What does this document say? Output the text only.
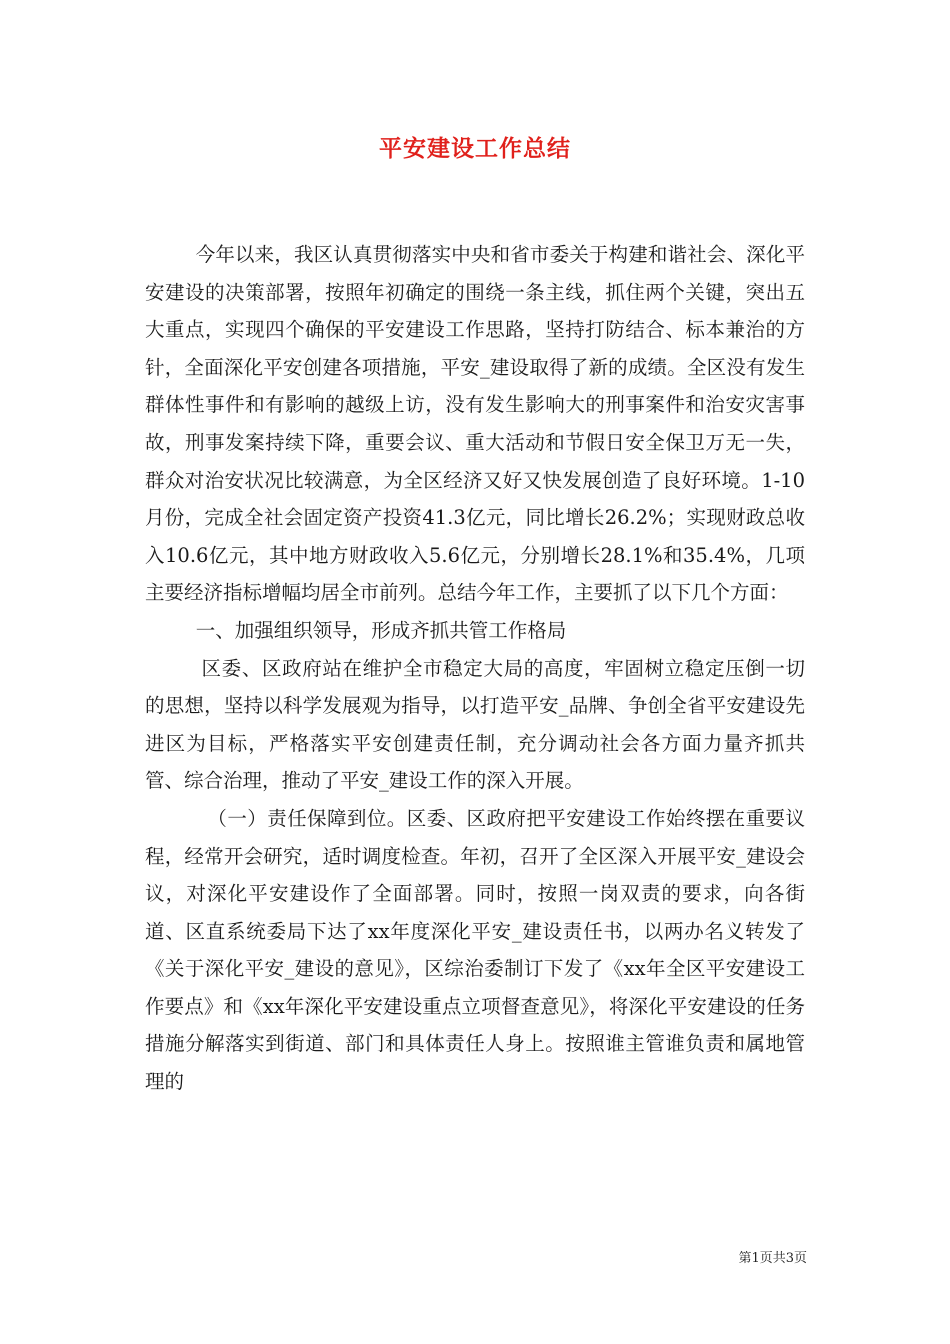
平安建设工作总结

今年以来，我区认真贯彻落实中央和省市委关于构建和谐社会、深化平安建设的决策部署，按照年初确定的围绕一条主线，抓住两个关键，突出五大重点，实现四个确保的平安建设工作思路，坚持打防结合、标本兼治的方针，全面深化平安创建各项措施，平安_建设取得了新的成绩。全区没有发生群体性事件和有影响的越级上访，没有发生影响大的刑事案件和治安灾害事故，刑事发案持续下降，重要会议、重大活动和节假日安全保卫万无一失，群众对治安状况比较满意，为全区经济又好又快发展创造了良好环境。1-10月份，完成全社会固定资产投资41.3亿元，同比增长26.2%；实现财政总收入10.6亿元，其中地方财政收入5.6亿元，分别增长28.1%和35.4%，几项主要经济指标增幅均居全市前列。总结今年工作，主要抓了以下几个方面：

一、加强组织领导，形成齐抓共管工作格局

区委、区政府站在维护全市稳定大局的高度，牢固树立稳定压倒一切的思想，坚持以科学发展观为指导，以打造平安_品牌、争创全省平安建设先进区为目标，严格落实平安创建责任制，充分调动社会各方面力量齐抓共管、综合治理，推动了平安_建设工作的深入开展。

（一）责任保障到位。区委、区政府把平安建设工作始终摆在重要议程，经常开会研究，适时调度检查。年初，召开了全区深入开展平安_建设会议，对深化平安建设作了全面部署。同时，按照一岗双责的要求，向各街道、区直系统委局下达了xx年度深化平安_建设责任书，以两办名义转发了《关于深化平安_建设的意见》，区综治委制订下发了《xx年全区平安建设工作要点》和《xx年深化平安建设重点立项督查意见》，将深化平安建设的任务措施分解落实到街道、部门和具体责任人身上。按照谁主管谁负责和属地管理的

第1页共3页
